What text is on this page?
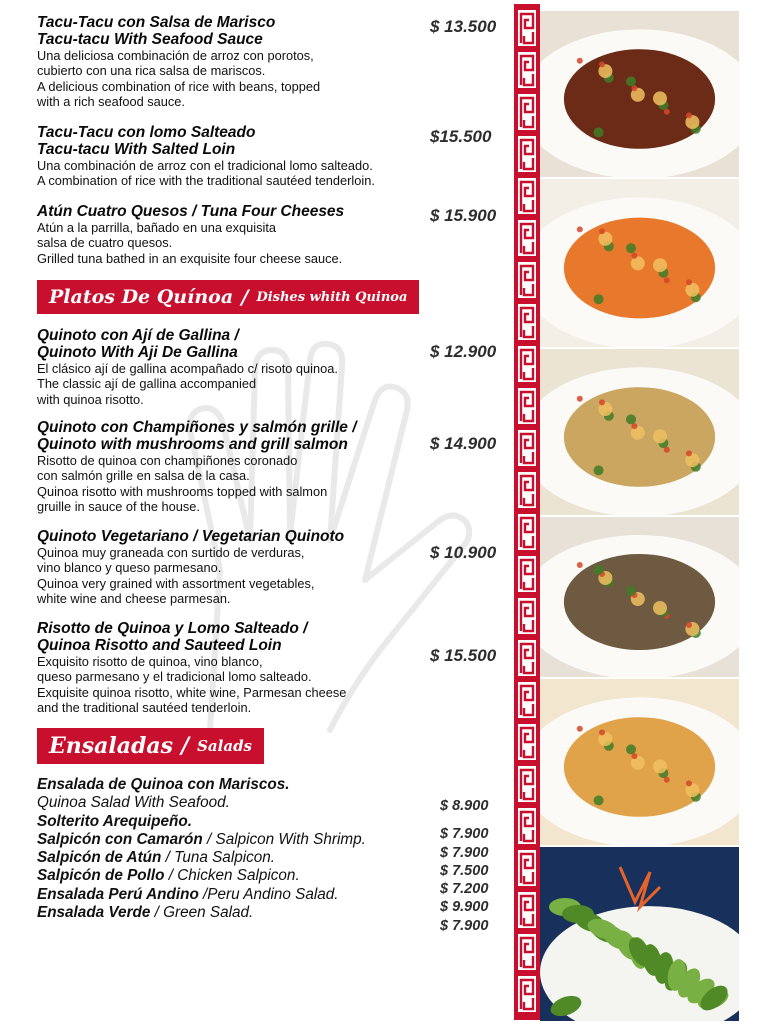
Tacu-Tacu con Salsa de Marisco

Tacu-tacu With Seafood Sauce

Una deliciosa combinación de arroz con porotos,

cubierto con una rica salsa de mariscos.

A delicious combination of rice with beans, topped

with a rich seafood sauce.

$ 13.500

Tacu-Tacu con lomo Salteado

Tacu-tacu With Salted Loin

Una combinación de arroz con el tradicional lomo salteado.

A combination of rice with the traditional sautéed tenderloin.

$15.500

Atún Cuatro Quesos / Tuna Four Cheeses

Atún a la parrilla, bañado en una exquisita

salsa de cuatro quesos.

Grilled tuna bathed in an exquisite four cheese sauce.

$ 15.900
Platos De Quínoa / Dishes whith Quinoa

Quinoto con Ají de Gallina /

Quinoto With Aji De Gallina

El clásico ají de gallina acompañado c/ risoto quinoa.

The classic ají de gallina accompanied

with quinoa risotto.

$ 12.900

Quinoto con Champiñones y salmón grille /

Quinoto with mushrooms and grill salmon

Risotto de quinoa con champiñones coronado

con salmón grille en salsa de la casa.

Quinoa risotto with mushrooms topped with salmon

gruille in sauce of the house.

$ 14.900

Quinoto Vegetariano / Vegetarian Quinoto

Quinoa muy graneada con surtido de verduras,

vino blanco y queso parmesano.

Quinoa very grained with assortment vegetables,

white wine and cheese parmesan.

$ 10.900

Risotto de Quinoa y Lomo Salteado /

Quinoa Risotto and Sauteed Loin

Exquisito risotto de quinoa, vino blanco,

queso parmesano y el tradicional lomo salteado.

Exquisite quinoa risotto, white wine, Parmesan cheese

and the traditional sautéed tenderloin.

$ 15.500
Ensaladas / Salads
Ensalada de Quinoa con Mariscos.
Quinoa Salad With Seafood.
Solterito Arequipeño.
Salpicón con Camarón / Salpicon With Shrimp.
Salpicón de Atún / Tuna Salpicon.
Salpicón de Pollo / Chicken Salpicon.
Ensalada Perú Andino /Peru Andino Salad.
Ensalada Verde / Green Salad.
$ 8.900
$ 7.900
$ 7.900
$ 7.500
$ 7.200
$ 9.900
$ 7.900
